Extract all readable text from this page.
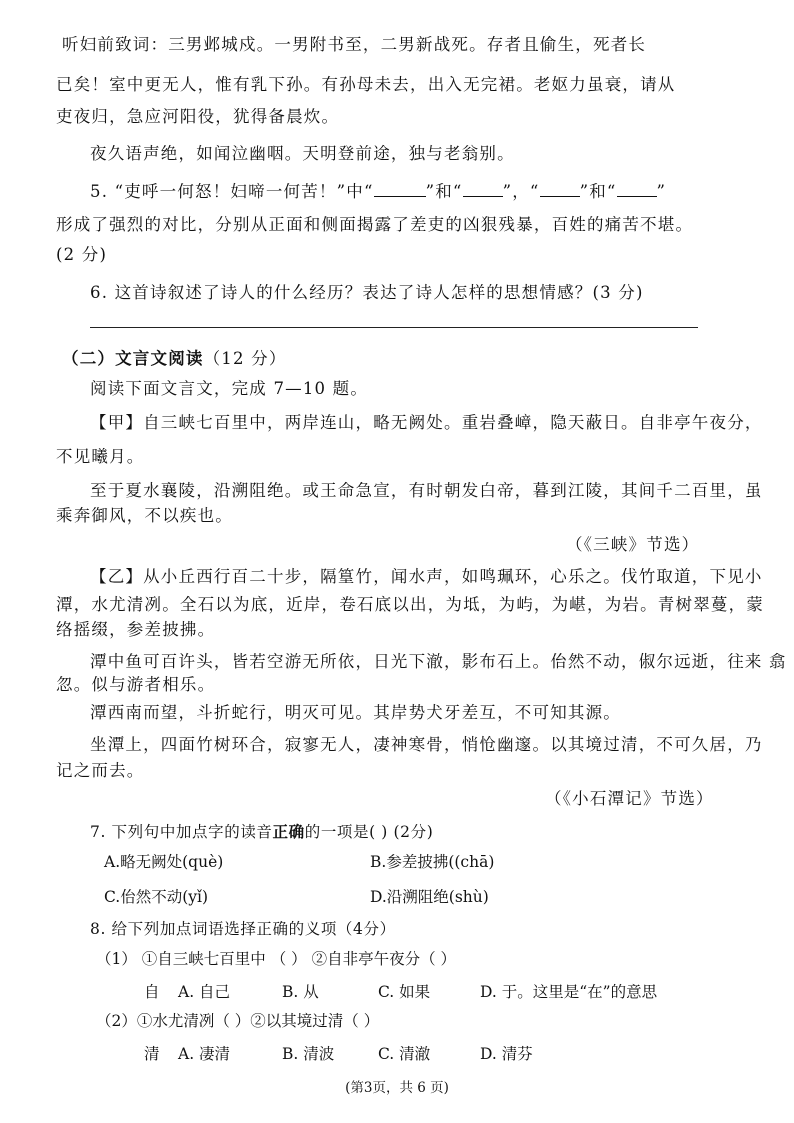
听妇前致词：三男邺城戍。一男附书至，二男新战死。存者且偷生，死者长
已矣！室中更无人，惟有乳下孙。有孙母未去，出入无完裙。老妪力虽衰，请从
吏夜归，急应河阳役，犹得备晨炊。
夜久语声绝，如闻泣幽咽。天明登前途，独与老翁别。
5. “吏呼一何怒！妇啼一何苦！”中“	”和“ ”，“ ”和“ ”
形成了强烈的对比，分别从正面和侧面揭露了差吏的凶狠残暴，百姓的痛苦不堪。
(2 分)
6. 这首诗叙述了诗人的什么经历？表达了诗人怎样的思想情感？(3 分)
（二）文言文阅读（12 分）
阅读下面文言文，完成 7—10 题。
【甲】自三峡七百里中，两岸连山，略无阙处。重岩叠嶂，隐天蔽日。自非亭午夜分，
不见曦月。
至于夏水襄陵，沿溯阻绝。或王命急宣，有时朝发白帝，暮到江陵，其间千二百里，虽
乘奔御风，不以疾也。
（《三峡》节选）
【乙】从小丘西行百二十步，隔篁竹，闻水声，如鸣珮环，心乐之。伐竹取道，下见小
潭，水尤清冽。全石以为底，近岸，卷石底以出，为坻，为屿，为嵁，为岩。青树翠蔓，蒙
络摇缀，参差披拂。
潭中鱼可百许头，皆若空游无所依，日光下澈，影布石上。佁然不动，俶尔远逝，往来 翕
忽。似与游者相乐。
潭西南而望，斗折蛇行，明灭可见。其岸势犬牙差互，不可知其源。
坐潭上，四面竹树环合，寂寥无人，凄神寒骨，悄怆幽邃。以其境过清，不可久居，乃
记之而去。
（《小石潭记》节选）
7. 下列句中加点字的读音正确的一项是( ) (2分)
A.略无阙处(què)	B.参差披拂((chā)
C.佁然不动(yǐ)	D.沿溯阻绝(shù)
8. 给下列加点词语选择正确的义项（4分）
（1） ①自三峡七百里中 （ ） ②自非亭午夜分（ ）
自 A. 自己	B. 从	C. 如果	D. 于。这里是“在”的意思
（2）①水尤清冽（ ）②以其境过清（ ）
清 A. 凄清	B. 清波	C. 清澈	D. 清芬
(第3页，共 6 页)
